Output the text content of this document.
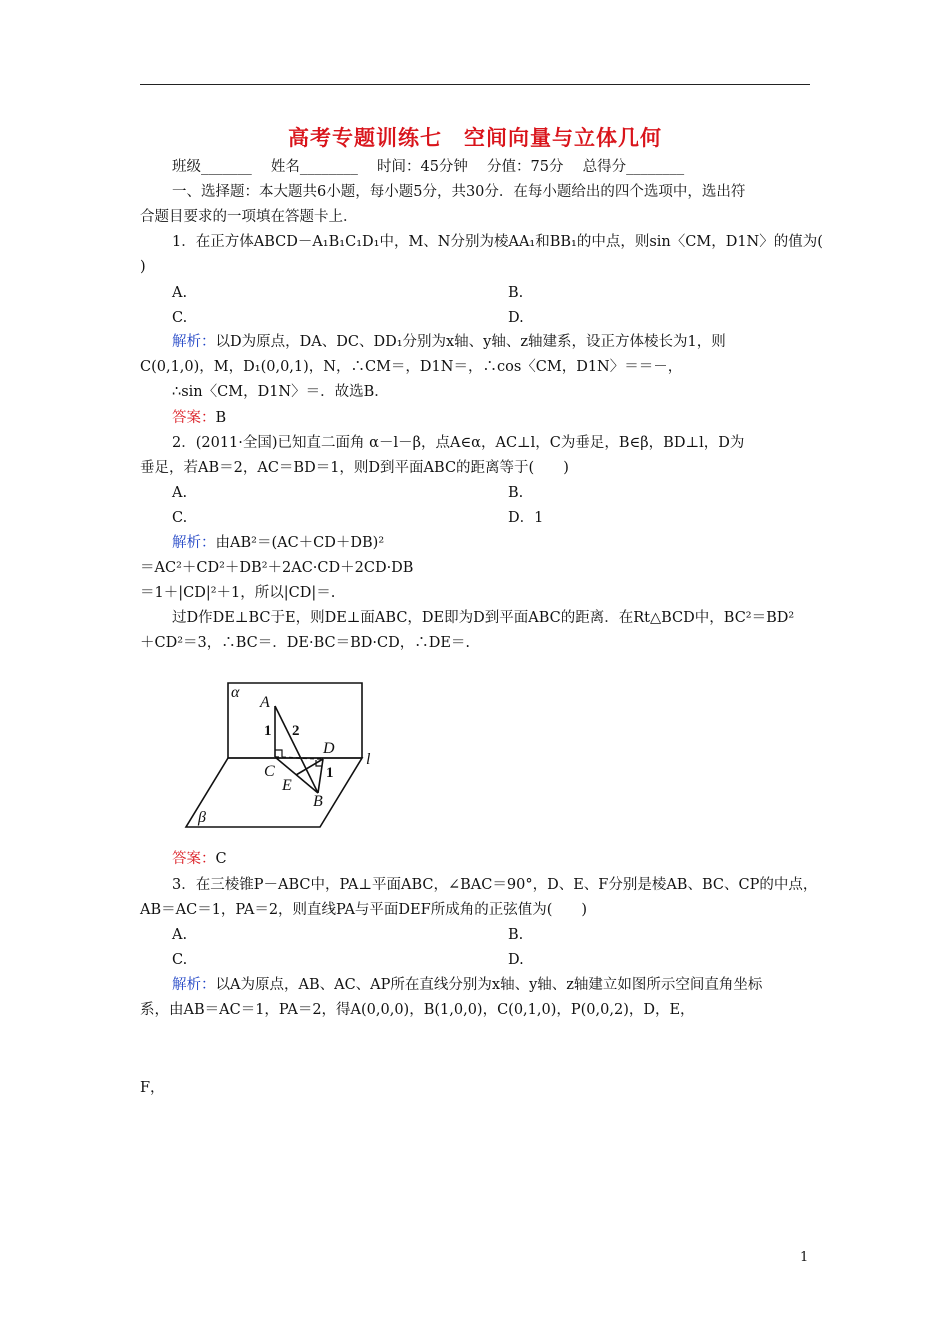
高考专题训练七　空间向量与立体几何
班级_______　 姓名________　 时间：45分钟　 分值：75分　 总得分________
一、选择题：本大题共6小题，每小题5分，共30分．在每小题给出的四个选项中，选出符
合题目要求的一项填在答题卡上．
1．在正方体ABCD－A₁B₁C₁D₁中，M、N分别为棱AA₁和BB₁的中点，则sin〈CM，D1N〉的值为(
)
A.	B.
C.	D.
解析：以D为原点，DA、DC、DD₁分别为x轴、y轴、z轴建系，设正方体棱长为1，则
C(0,1,0)，M，D₁(0,0,1)，N，∴CM＝，D1N＝，∴cos〈CM，D1N〉＝＝－，
∴sin〈CM，D1N〉＝．故选B．
答案：B
2．(2011·全国)已知直二面角 α－l－β，点A∈α，AC⊥l，C为垂足，B∈β，BD⊥l，D为
垂足，若AB＝2，AC＝BD＝1，则D到平面ABC的距离等于(　　)
A.	B.
C.	D．1
解析：由AB²＝(AC＋CD＋DB)²
＝AC²＋CD²＋DB²＋2AC·CD＋2CD·DB
＝1＋|CD|²＋1，所以|CD|＝.
过D作DE⊥BC于E，则DE⊥面ABC，DE即为D到平面ABC的距离．在Rt△BCD中，BC²＝BD²
＋CD²＝3，∴BC＝．DE·BC＝BD·CD，∴DE＝.
α
β
l
A
C
D
E
B
1 2
1
答案：C
3．在三棱锥P－ABC中，PA⊥平面ABC，∠BAC＝90°，D、E、F分别是棱AB、BC、CP的中点，
AB＝AC＝1，PA＝2，则直线PA与平面DEF所成角的正弦值为(　　)
A.	B.
C.	D.
解析：以A为原点，AB、AC、AP所在直线分别为x轴、y轴、z轴建立如图所示空间直角坐标
系，由AB＝AC＝1，PA＝2，得A(0,0,0)，B(1,0,0)，C(0,1,0)，P(0,0,2)，D，E，
F，
1
